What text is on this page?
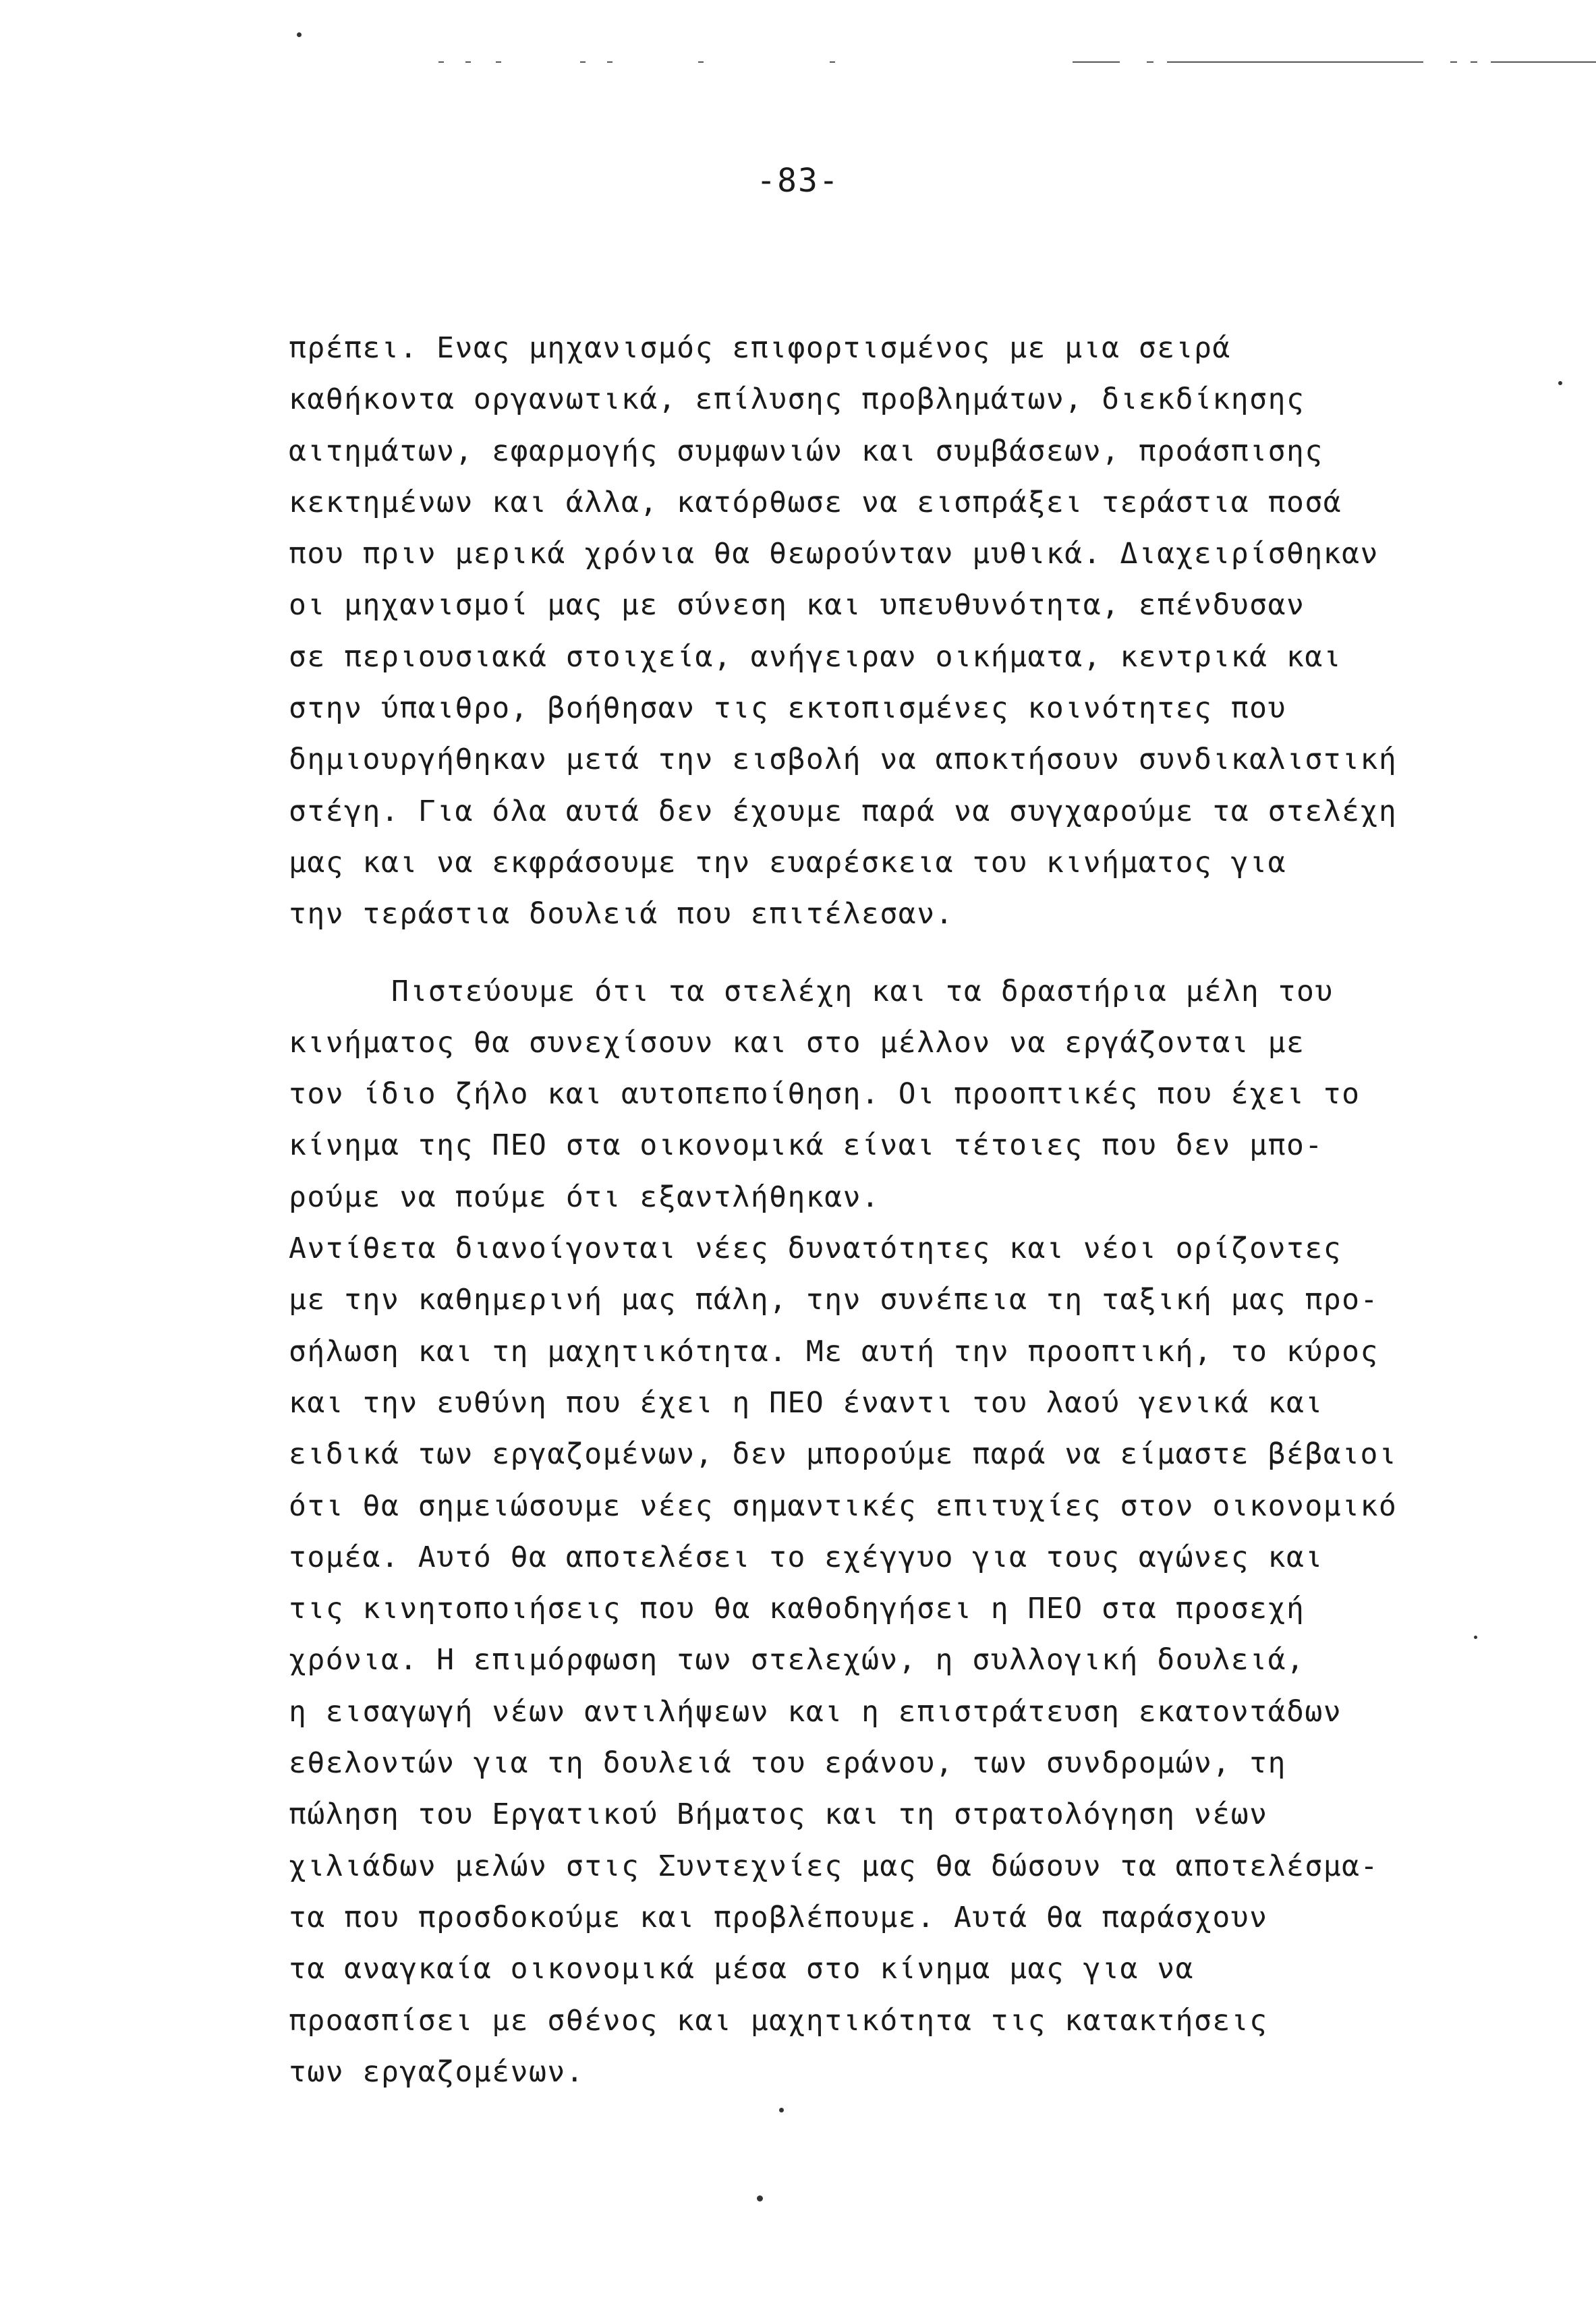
-83-

πρέπει. Ενας μηχανισμός επιφορτισμένος με μια σειρά
καθήκοντα οργανωτικά, επίλυσης προβλημάτων, διεκδίκησης
αιτημάτων, εφαρμογής συμφωνιών και συμβάσεων, προάσπισης
κεκτημένων και άλλα, κατόρθωσε να εισπράξει τεράστια ποσά
που πριν μερικά χρόνια θα θεωρούνταν μυθικά. Διαχειρίσθηκαν
οι μηχανισμοί μας με σύνεση και υπευθυνότητα, επένδυσαν
σε περιουσιακά στοιχεία, ανήγειραν οικήματα, κεντρικά και
στην ύπαιθρο, βοήθησαν τις εκτοπισμένες κοινότητες που
δημιουργήθηκαν μετά την εισβολή να αποκτήσουν συνδικαλιστική
στέγη. Για όλα αυτά δεν έχουμε παρά να συγχαρούμε τα στελέχη
μας και να εκφράσουμε την ευαρέσκεια του κινήματος για
την τεράστια δουλειά που επιτέλεσαν.

Πιστεύουμε ότι τα στελέχη και τα δραστήρια μέλη του
κινήματος θα συνεχίσουν και στο μέλλον να εργάζονται με
τον ίδιο ζήλο και αυτοπεποίθηση. Οι προοπτικές που έχει το
κίνημα της ΠΕΟ στα οικονομικά είναι τέτοιες που δεν μπο-
ρούμε να πούμε ότι εξαντλήθηκαν.

Αντίθετα διανοίγονται νέες δυνατότητες και νέοι ορίζοντες
με την καθημερινή μας πάλη, την συνέπεια τη ταξική μας προ-
σήλωση και τη μαχητικότητα. Με αυτή την προοπτική, το κύρος
και την ευθύνη που έχει η ΠΕΟ έναντι του λαού γενικά και
ειδικά των εργαζομένων, δεν μπορούμε παρά να είμαστε βέβαιοι
ότι θα σημειώσουμε νέες σημαντικές επιτυχίες στον οικονομικό
τομέα. Αυτό θα αποτελέσει το εχέγγυο για τους αγώνες και
τις κινητοποιήσεις που θα καθοδηγήσει η ΠΕΟ στα προσεχή
χρόνια. Η επιμόρφωση των στελεχών, η συλλογική δουλειά,
η εισαγωγή νέων αντιλήψεων και η επιστράτευση εκατοντάδων
εθελοντών για τη δουλειά του εράνου, των συνδρομών, τη
πώληση του Εργατικού Βήματος και τη στρατολόγηση νέων
χιλιάδων μελών στις Συντεχνίες μας θα δώσουν τα αποτελέσμα-
τα που προσδοκούμε και προβλέπουμε. Αυτά θα παράσχουν
τα αναγκαία οικονομικά μέσα στο κίνημα μας για να
προασπίσει με σθένος και μαχητικότητα τις κατακτήσεις
των εργαζομένων.
